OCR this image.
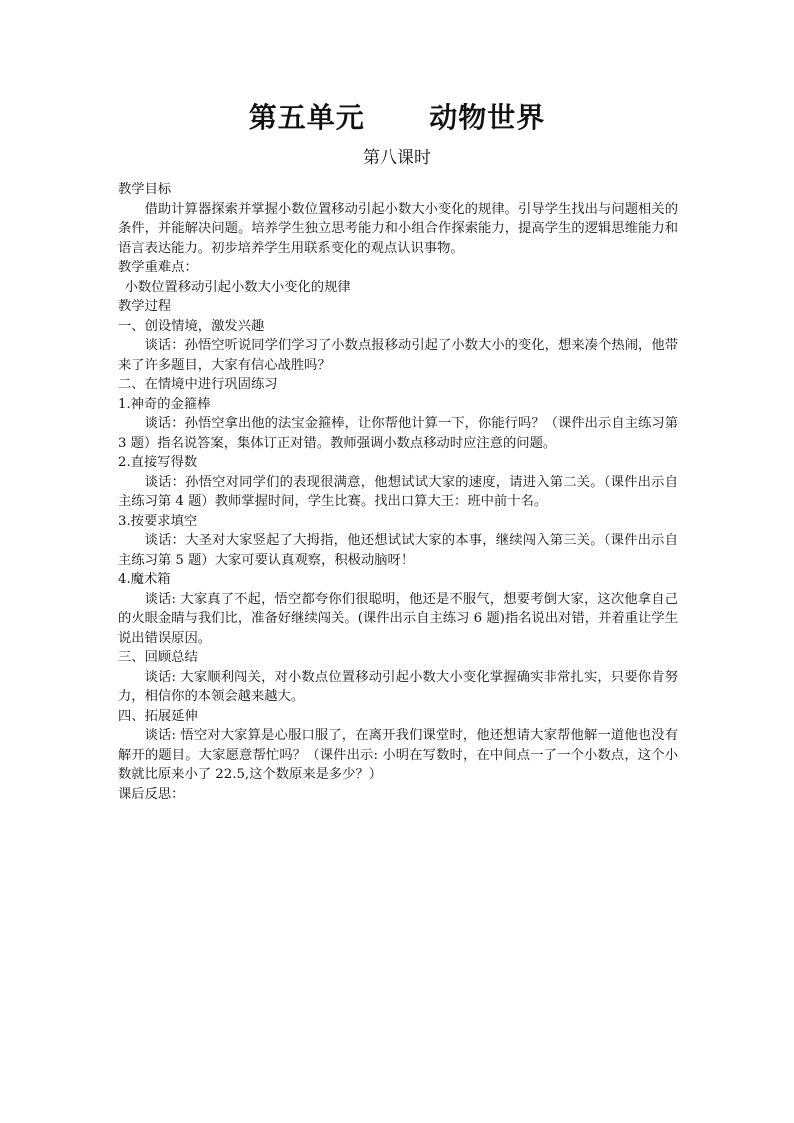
第五单元      动物世界
第八课时

教学目标

借助计算器探索并掌握小数位置移动引起小数大小变化的规律。引导学生找出与问题相关的条件，并能解决问题。培养学生独立思考能力和小组合作探索能力，提高学生的逻辑思维能力和语言表达能力。初步培养学生用联系变化的观点认识事物。

教学重难点：

小数位置移动引起小数大小变化的规律

教学过程

一、创设情境，激发兴趣

谈话：孙悟空听说同学们学习了小数点报移动引起了小数大小的变化，想来凑个热闹，他带来了许多题目，大家有信心战胜吗？

二、在情境中进行巩固练习

1.神奇的金箍棒

谈话：孙悟空拿出他的法宝金箍棒，让你帮他计算一下，你能行吗？（课件出示自主练习第 3 题）指名说答案，集体订正对错。教师强调小数点移动时应注意的问题。

2.直接写得数

谈话：孙悟空对同学们的表现很满意，他想试试大家的速度，请进入第二关。（课件出示自主练习第 4 题）教师掌握时间，学生比赛。找出口算大王：班中前十名。

3.按要求填空

谈话：大圣对大家竖起了大拇指，他还想试试大家的本事，继续闯入第三关。（课件出示自主练习第 5 题）大家可要认真观察，积极动脑呀！

4.魔术箱

谈话: 大家真了不起，悟空都夸你们很聪明，他还是不服气，想要考倒大家，这次他拿自己的火眼金睛与我们比，准备好继续闯关。(课件出示自主练习 6 题)指名说出对错，并着重让学生说出错误原因。

三、回顾总结

谈话: 大家顺利闯关，对小数点位置移动引起小数大小变化掌握确实非常扎实，只要你肯努力，相信你的本领会越来越大。

四、拓展延伸

谈话: 悟空对大家算是心服口服了，在离开我们课堂时，他还想请大家帮他解一道他也没有解开的题目。大家愿意帮忙吗？（课件出示: 小明在写数时，在中间点一了一个小数点，这个小数就比原来小了 22.5,这个数原来是多少？）

课后反思：
